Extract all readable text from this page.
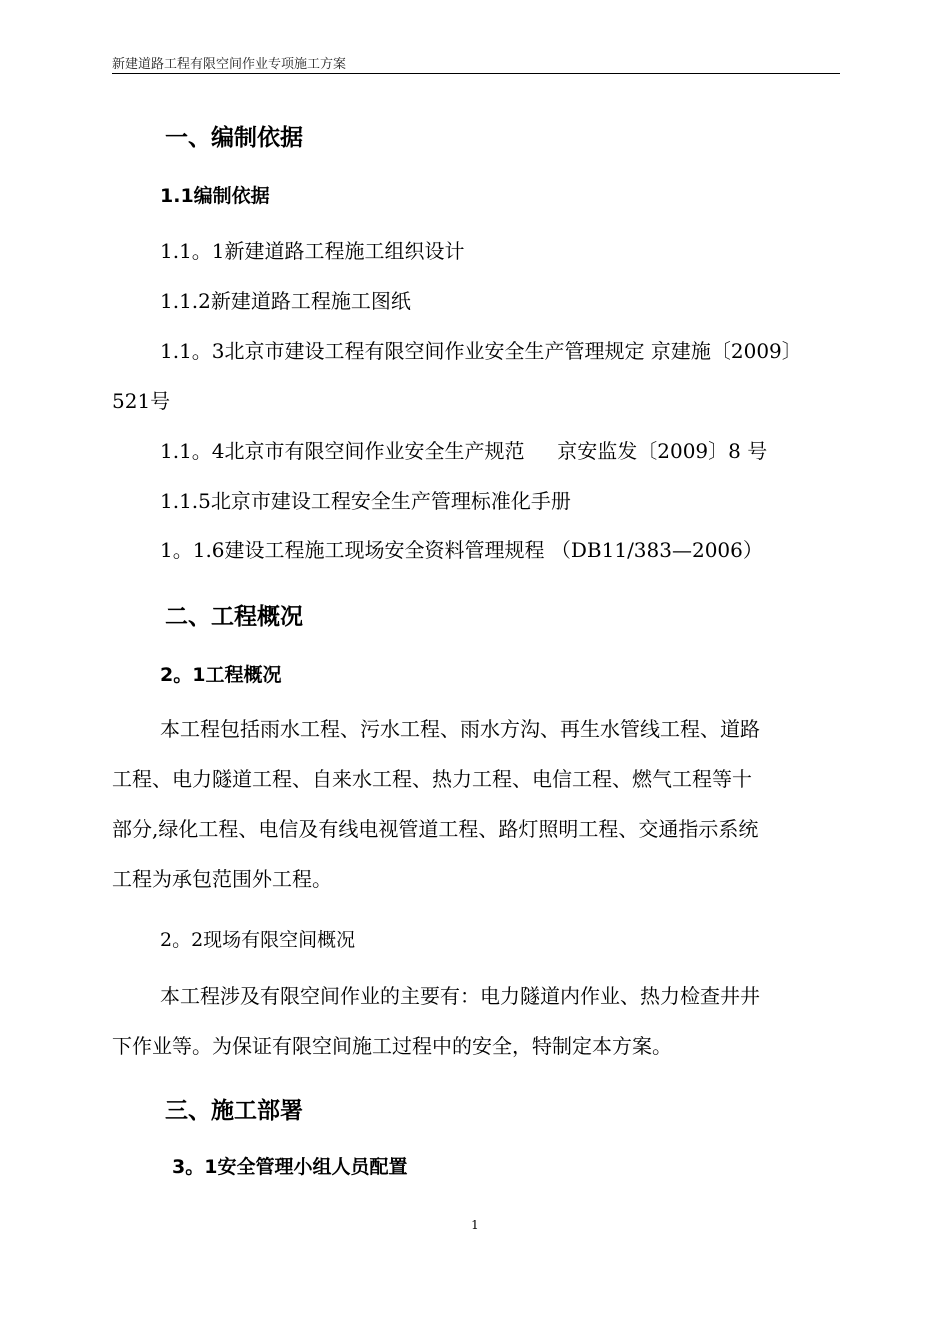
新建道路工程有限空间作业专项施工方案
一、编制依据
1.1编制依据
1.1。1新建道路工程施工组织设计
1.1.2新建道路工程施工图纸
1.1。3北京市建设工程有限空间作业安全生产管理规定 京建施〔2009〕
521号
1.1。4北京市有限空间作业安全生产规范 　 京安监发〔2009〕8 号
1.1.5北京市建设工程安全生产管理标准化手册
1。1.6建设工程施工现场安全资料管理规程 （DB11/383—2006）
二、工程概况
2。1工程概况
本工程包括雨水工程、污水工程、雨水方沟、再生水管线工程、道路
工程、电力隧道工程、自来水工程、热力工程、电信工程、燃气工程等十
部分,绿化工程、电信及有线电视管道工程、路灯照明工程、交通指示系统
工程为承包范围外工程。
2。2现场有限空间概况
本工程涉及有限空间作业的主要有：电力隧道内作业、热力检查井井
下作业等。为保证有限空间施工过程中的安全，特制定本方案。
三、施工部署
3。1安全管理小组人员配置
1
